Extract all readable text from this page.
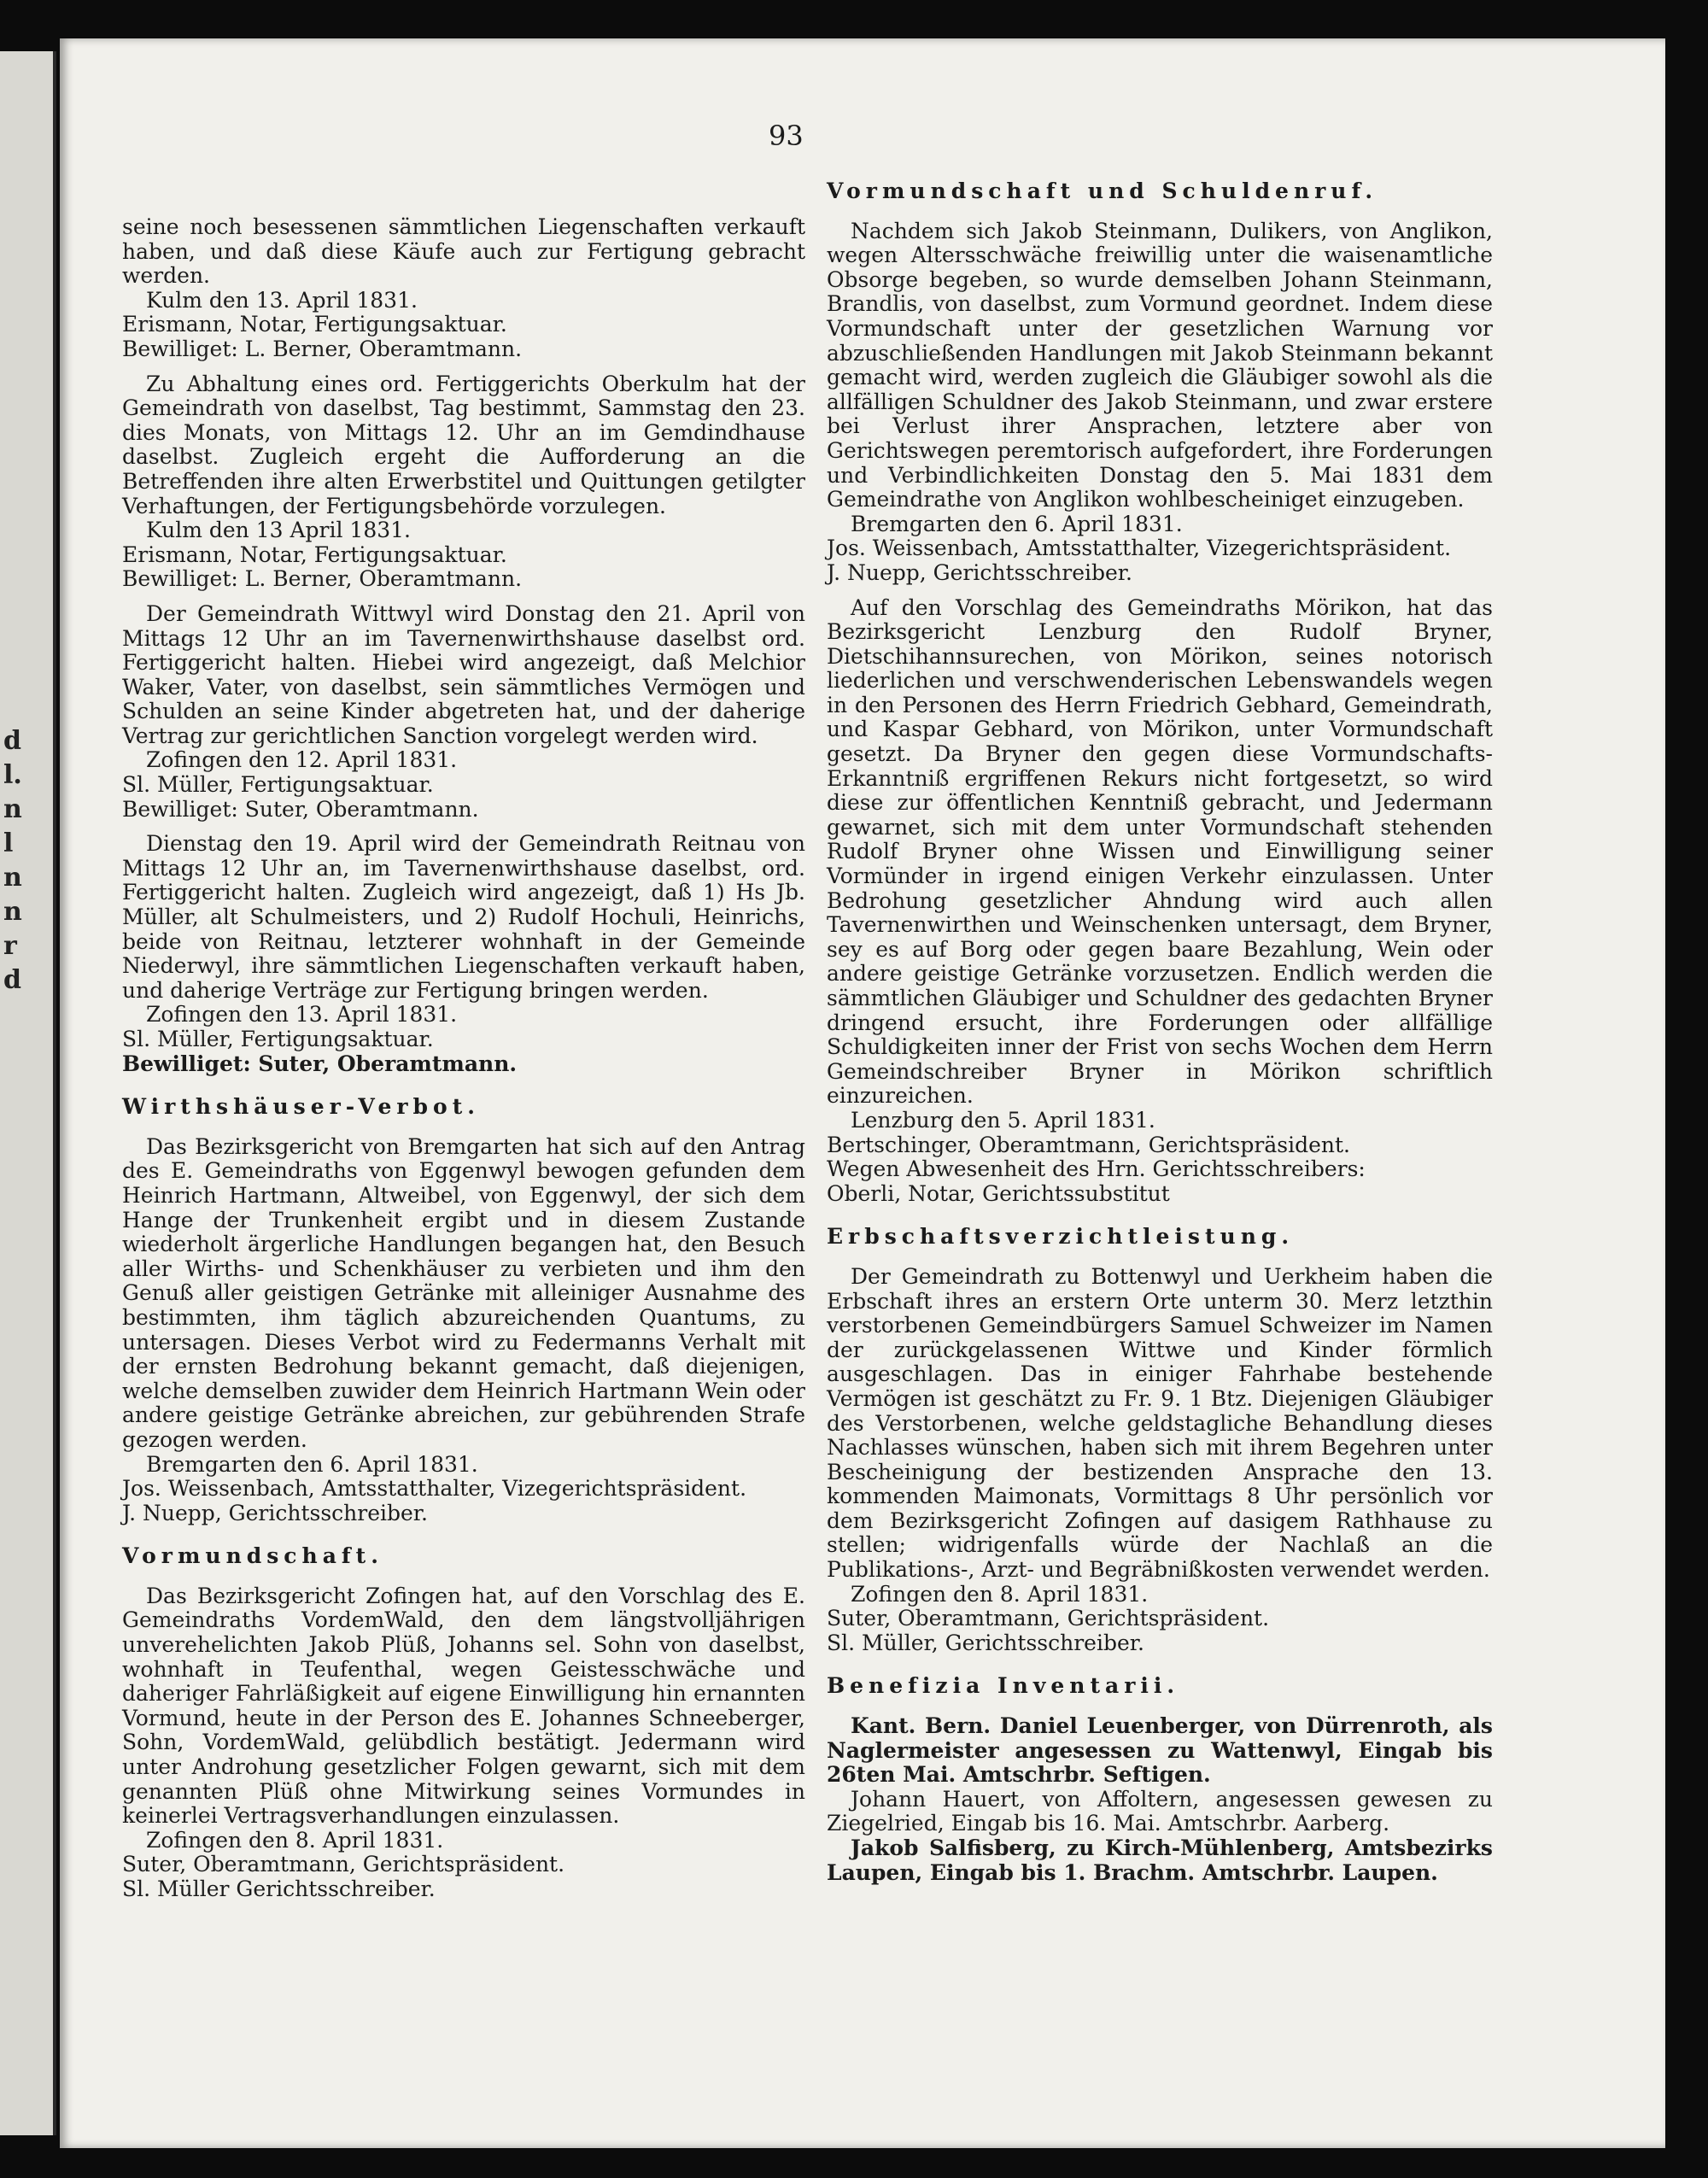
d
l.
n
l
n
n
r
d
93

seine noch besessenen sämmtlichen Liegenschaften verkauft haben, und daß diese Käufe auch zur Fertigung gebracht werden.

Kulm den 13. April 1831.

Erismann, Notar, Fertigungsaktuar.

Bewilliget: L. Berner, Oberamtmann.

Zu Abhaltung eines ord. Fertiggerichts Oberkulm hat der Gemeindrath von daselbst, Tag bestimmt, Sammstag den 23. dies Monats, von Mittags 12. Uhr an im Gemdindhause daselbst. Zugleich ergeht die Aufforderung an die Betreffenden ihre alten Erwerbstitel und Quittungen getilgter Verhaftungen, der Fertigungsbehörde vorzulegen.

Kulm den 13 April 1831.

Erismann, Notar, Fertigungsaktuar.

Bewilliget: L. Berner, Oberamtmann.

Der Gemeindrath Wittwyl wird Donstag den 21. April von Mittags 12 Uhr an im Tavernenwirthshause daselbst ord. Fertiggericht halten. Hiebei wird angezeigt, daß Melchior Waker, Vater, von daselbst, sein sämmtliches Vermögen und Schulden an seine Kinder abgetreten hat, und der daherige Vertrag zur gerichtlichen Sanction vorgelegt werden wird.

Zofingen den 12. April 1831.

Sl. Müller, Fertigungsaktuar.

Bewilliget: Suter, Oberamtmann.

Dienstag den 19. April wird der Gemeindrath Reitnau von Mittags 12 Uhr an, im Tavernenwirthshause daselbst, ord. Fertiggericht halten. Zugleich wird angezeigt, daß 1) Hs Jb. Müller, alt Schulmeisters, und 2) Rudolf Hochuli, Heinrichs, beide von Reitnau, letzterer wohnhaft in der Gemeinde Niederwyl, ihre sämmtlichen Liegenschaften verkauft haben, und daherige Verträge zur Fertigung bringen werden.

Zofingen den 13. April 1831.

Sl. Müller, Fertigungsaktuar.

Bewilliget: Suter, Oberamtmann.

Wirthshäuser-Verbot.

Das Bezirksgericht von Bremgarten hat sich auf den Antrag des E. Gemeindraths von Eggenwyl bewogen gefunden dem Heinrich Hartmann, Altweibel, von Eggenwyl, der sich dem Hange der Trunkenheit ergibt und in diesem Zustande wiederholt ärgerliche Handlungen begangen hat, den Besuch aller Wirths- und Schenkhäuser zu verbieten und ihm den Genuß aller geistigen Getränke mit alleiniger Ausnahme des bestimmten, ihm täglich abzureichenden Quantums, zu untersagen. Dieses Verbot wird zu Federmanns Verhalt mit der ernsten Bedrohung bekannt gemacht, daß diejenigen, welche demselben zuwider dem Heinrich Hartmann Wein oder andere geistige Getränke abreichen, zur gebührenden Strafe gezogen werden.

Bremgarten den 6. April 1831.

Jos. Weissenbach, Amtsstatthalter, Vizegerichtspräsident.

J. Nuepp, Gerichtsschreiber.

Vormundschaft.

Das Bezirksgericht Zofingen hat, auf den Vorschlag des E. Gemeindraths VordemWald, den dem längstvolljährigen unverehelichten Jakob Plüß, Johanns sel. Sohn von daselbst, wohnhaft in Teufenthal, wegen Geistesschwäche und daheriger Fahrläßigkeit auf eigene Einwilligung hin ernannten Vormund, heute in der Person des E. Johannes Schneeberger, Sohn, VordemWald, gelübdlich bestätigt. Jedermann wird unter Androhung gesetzlicher Folgen gewarnt, sich mit dem genannten Plüß ohne Mitwirkung seines Vormundes in keinerlei Vertragsverhandlungen einzulassen.

Zofingen den 8. April 1831.

Suter, Oberamtmann, Gerichtspräsident.

Sl. Müller Gerichtsschreiber.

Vormundschaft und Schuldenruf.

Nachdem sich Jakob Steinmann, Dulikers, von Anglikon, wegen Altersschwäche freiwillig unter die waisenamtliche Obsorge begeben, so wurde demselben Johann Steinmann, Brandlis, von daselbst, zum Vormund geordnet. Indem diese Vormundschaft unter der gesetzlichen Warnung vor abzuschließenden Handlungen mit Jakob Steinmann bekannt gemacht wird, werden zugleich die Gläubiger sowohl als die allfälligen Schuldner des Jakob Steinmann, und zwar erstere bei Verlust ihrer Ansprachen, letztere aber von Gerichtswegen peremtorisch aufgefordert, ihre Forderungen und Verbindlichkeiten Donstag den 5. Mai 1831 dem Gemeindrathe von Anglikon wohlbescheiniget einzugeben.

Bremgarten den 6. April 1831.

Jos. Weissenbach, Amtsstatthalter, Vizegerichtspräsident.

J. Nuepp, Gerichtsschreiber.

Auf den Vorschlag des Gemeindraths Mörikon, hat das Bezirksgericht Lenzburg den Rudolf Bryner, Dietschihannsurechen, von Mörikon, seines notorisch liederlichen und verschwenderischen Lebenswandels wegen in den Personen des Herrn Friedrich Gebhard, Gemeindrath, und Kaspar Gebhard, von Mörikon, unter Vormundschaft gesetzt. Da Bryner den gegen diese Vormundschafts-Erkanntniß ergriffenen Rekurs nicht fortgesetzt, so wird diese zur öffentlichen Kenntniß gebracht, und Jedermann gewarnet, sich mit dem unter Vormundschaft stehenden Rudolf Bryner ohne Wissen und Einwilligung seiner Vormünder in irgend einigen Verkehr einzulassen. Unter Bedrohung gesetzlicher Ahndung wird auch allen Tavernenwirthen und Weinschenken untersagt, dem Bryner, sey es auf Borg oder gegen baare Bezahlung, Wein oder andere geistige Getränke vorzusetzen. Endlich werden die sämmtlichen Gläubiger und Schuldner des gedachten Bryner dringend ersucht, ihre Forderungen oder allfällige Schuldigkeiten inner der Frist von sechs Wochen dem Herrn Gemeindschreiber Bryner in Mörikon schriftlich einzureichen.

Lenzburg den 5. April 1831.

Bertschinger, Oberamtmann, Gerichtspräsident.

Wegen Abwesenheit des Hrn. Gerichtsschreibers:

Oberli, Notar, Gerichtssubstitut

Erbschaftsverzichtleistung.

Der Gemeindrath zu Bottenwyl und Uerkheim haben die Erbschaft ihres an erstern Orte unterm 30. Merz letzthin verstorbenen Gemeindbürgers Samuel Schweizer im Namen der zurückgelassenen Wittwe und Kinder förmlich ausgeschlagen. Das in einiger Fahrhabe bestehende Vermögen ist geschätzt zu Fr. 9. 1 Btz. Diejenigen Gläubiger des Verstorbenen, welche geldstagliche Behandlung dieses Nachlasses wünschen, haben sich mit ihrem Begehren unter Bescheinigung der bestizenden Ansprache den 13. kommenden Maimonats, Vormittags 8 Uhr persönlich vor dem Bezirksgericht Zofingen auf dasigem Rathhause zu stellen; widrigenfalls würde der Nachlaß an die Publikations-, Arzt- und Begräbnißkosten verwendet werden.

Zofingen den 8. April 1831.

Suter, Oberamtmann, Gerichtspräsident.

Sl. Müller, Gerichtsschreiber.

Benefizia Inventarii.

Kant. Bern. Daniel Leuenberger, von Dürrenroth, als Naglermeister angesessen zu Wattenwyl, Eingab bis 26ten Mai. Amtschrbr. Seftigen.

Johann Hauert, von Affoltern, angesessen gewesen zu Ziegelried, Eingab bis 16. Mai. Amtschrbr. Aarberg.

Jakob Salfisberg, zu Kirch-Mühlenberg, Amtsbezirks Laupen, Eingab bis 1. Brachm. Amtschrbr. Laupen.
